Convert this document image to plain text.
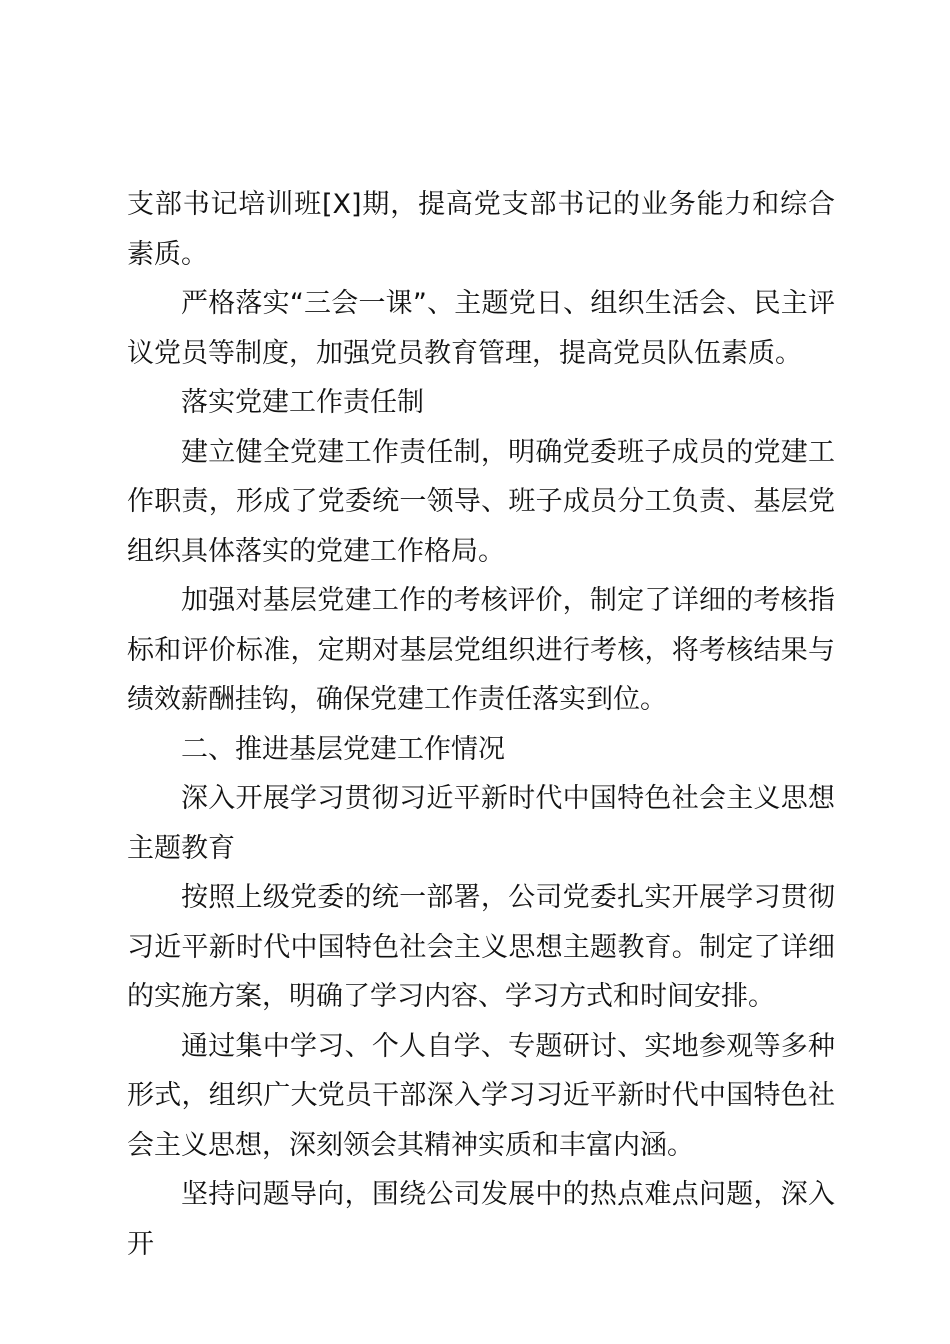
支部书记培训班[X]期，提高党支部书记的业务能力和综合素质。

严格落实“三会一课”、主题党日、组织生活会、民主评议党员等制度，加强党员教育管理，提高党员队伍素质。

落实党建工作责任制

建立健全党建工作责任制，明确党委班子成员的党建工作职责，形成了党委统一领导、班子成员分工负责、基层党组织具体落实的党建工作格局。

加强对基层党建工作的考核评价，制定了详细的考核指标和评价标准，定期对基层党组织进行考核，将考核结果与绩效薪酬挂钩，确保党建工作责任落实到位。

二、推进基层党建工作情况

深入开展学习贯彻习近平新时代中国特色社会主义思想主题教育

按照上级党委的统一部署，公司党委扎实开展学习贯彻习近平新时代中国特色社会主义思想主题教育。制定了详细的实施方案，明确了学习内容、学习方式和时间安排。

通过集中学习、个人自学、专题研讨、实地参观等多种形式，组织广大党员干部深入学习习近平新时代中国特色社会主义思想，深刻领会其精神实质和丰富内涵。

坚持问题导向，围绕公司发展中的热点难点问题，深入开
